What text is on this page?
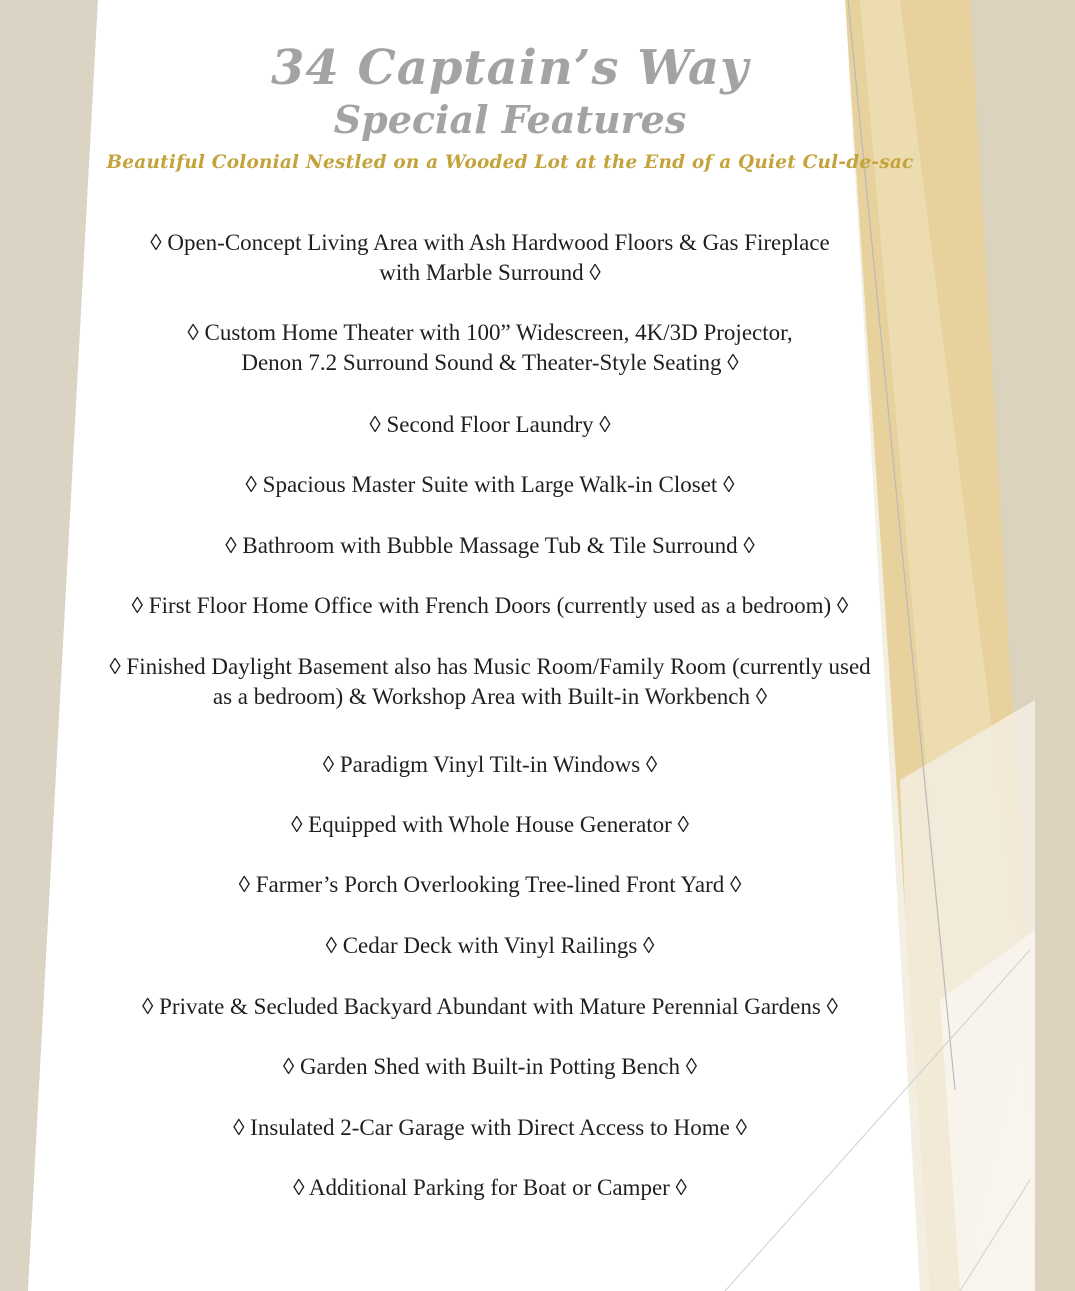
34 Captain’s Way
Special Features
Beautiful Colonial Nestled on a Wooded Lot at the End of a Quiet Cul-de-sac
◊ Open-Concept Living Area with Ash Hardwood Floors & Gas Fireplace
with Marble Surround ◊
◊ Custom Home Theater with 100” Widescreen, 4K/3D Projector,
Denon 7.2 Surround Sound & Theater-Style Seating ◊
◊ Second Floor Laundry ◊
◊ Spacious Master Suite with Large Walk-in Closet ◊
◊ Bathroom with Bubble Massage Tub & Tile Surround ◊
◊ First Floor Home Office with French Doors (currently used as a bedroom) ◊
◊ Finished Daylight Basement also has Music Room/Family Room (currently used
as a bedroom) & Workshop Area with Built-in Workbench ◊
◊ Paradigm Vinyl Tilt-in Windows ◊
◊ Equipped with Whole House Generator ◊
◊ Farmer’s Porch Overlooking Tree-lined Front Yard ◊
◊ Cedar Deck with Vinyl Railings ◊
◊ Private & Secluded Backyard Abundant with Mature Perennial Gardens ◊
◊ Garden Shed with Built-in Potting Bench ◊
◊ Insulated 2-Car Garage with Direct Access to Home ◊
◊ Additional Parking for Boat or Camper ◊
